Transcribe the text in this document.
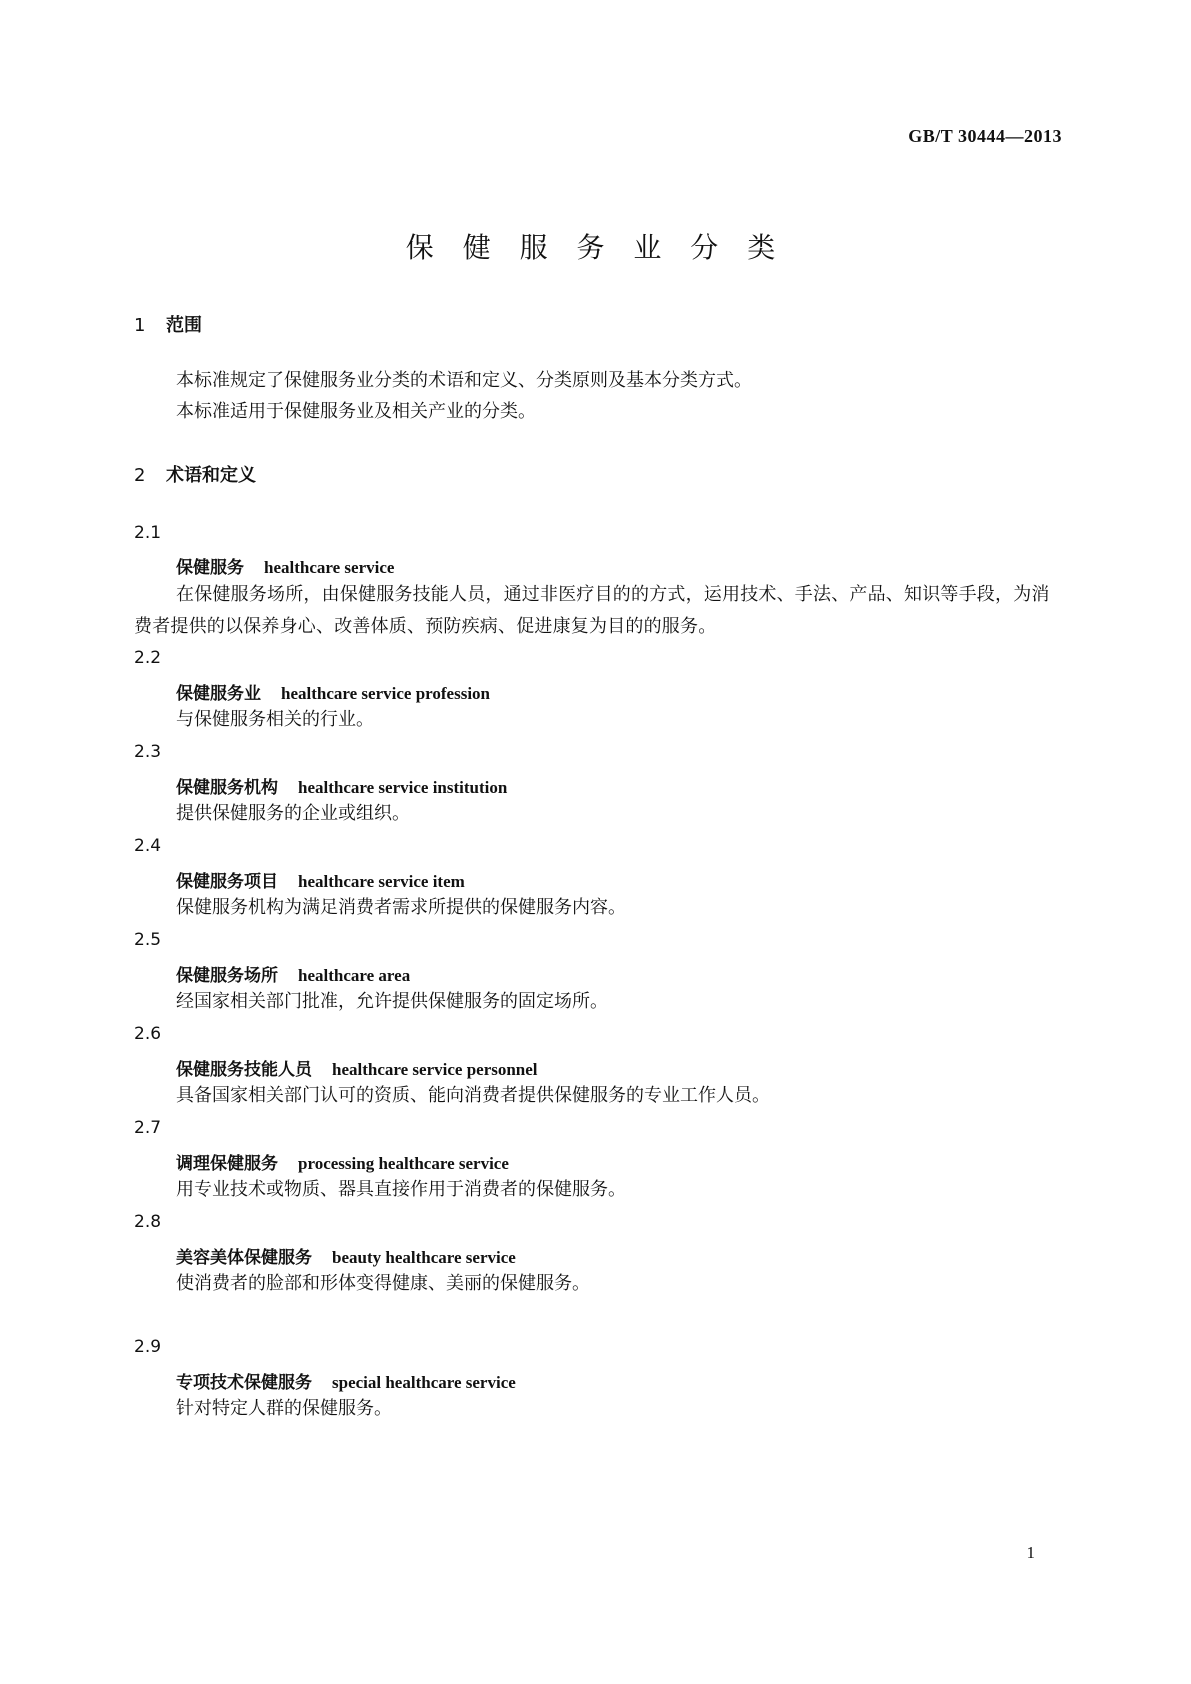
GB/T 30444—2013
保 健 服 务 业 分 类
1 范围
本标准规定了保健服务业分类的术语和定义、分类原则及基本分类方式。
本标准适用于保健服务业及相关产业的分类。
2 术语和定义
2.1
保健服务 healthcare service
在保健服务场所，由保健服务技能人员，通过非医疗目的的方式，运用技术、手法、产品、知识等手段，为消费者提供的以保养身心、改善体质、预防疾病、促进康复为目的的服务。
2.2
保健服务业 healthcare service profession
与保健服务相关的行业。
2.3
保健服务机构 healthcare service institution
提供保健服务的企业或组织。
2.4
保健服务项目 healthcare service item
保健服务机构为满足消费者需求所提供的保健服务内容。
2.5
保健服务场所 healthcare area
经国家相关部门批准，允许提供保健服务的固定场所。
2.6
保健服务技能人员 healthcare service personnel
具备国家相关部门认可的资质、能向消费者提供保健服务的专业工作人员。
2.7
调理保健服务 processing healthcare service
用专业技术或物质、器具直接作用于消费者的保健服务。
2.8
美容美体保健服务 beauty healthcare service
使消费者的脸部和形体变得健康、美丽的保健服务。
2.9
专项技术保健服务 special healthcare service
针对特定人群的保健服务。
1
